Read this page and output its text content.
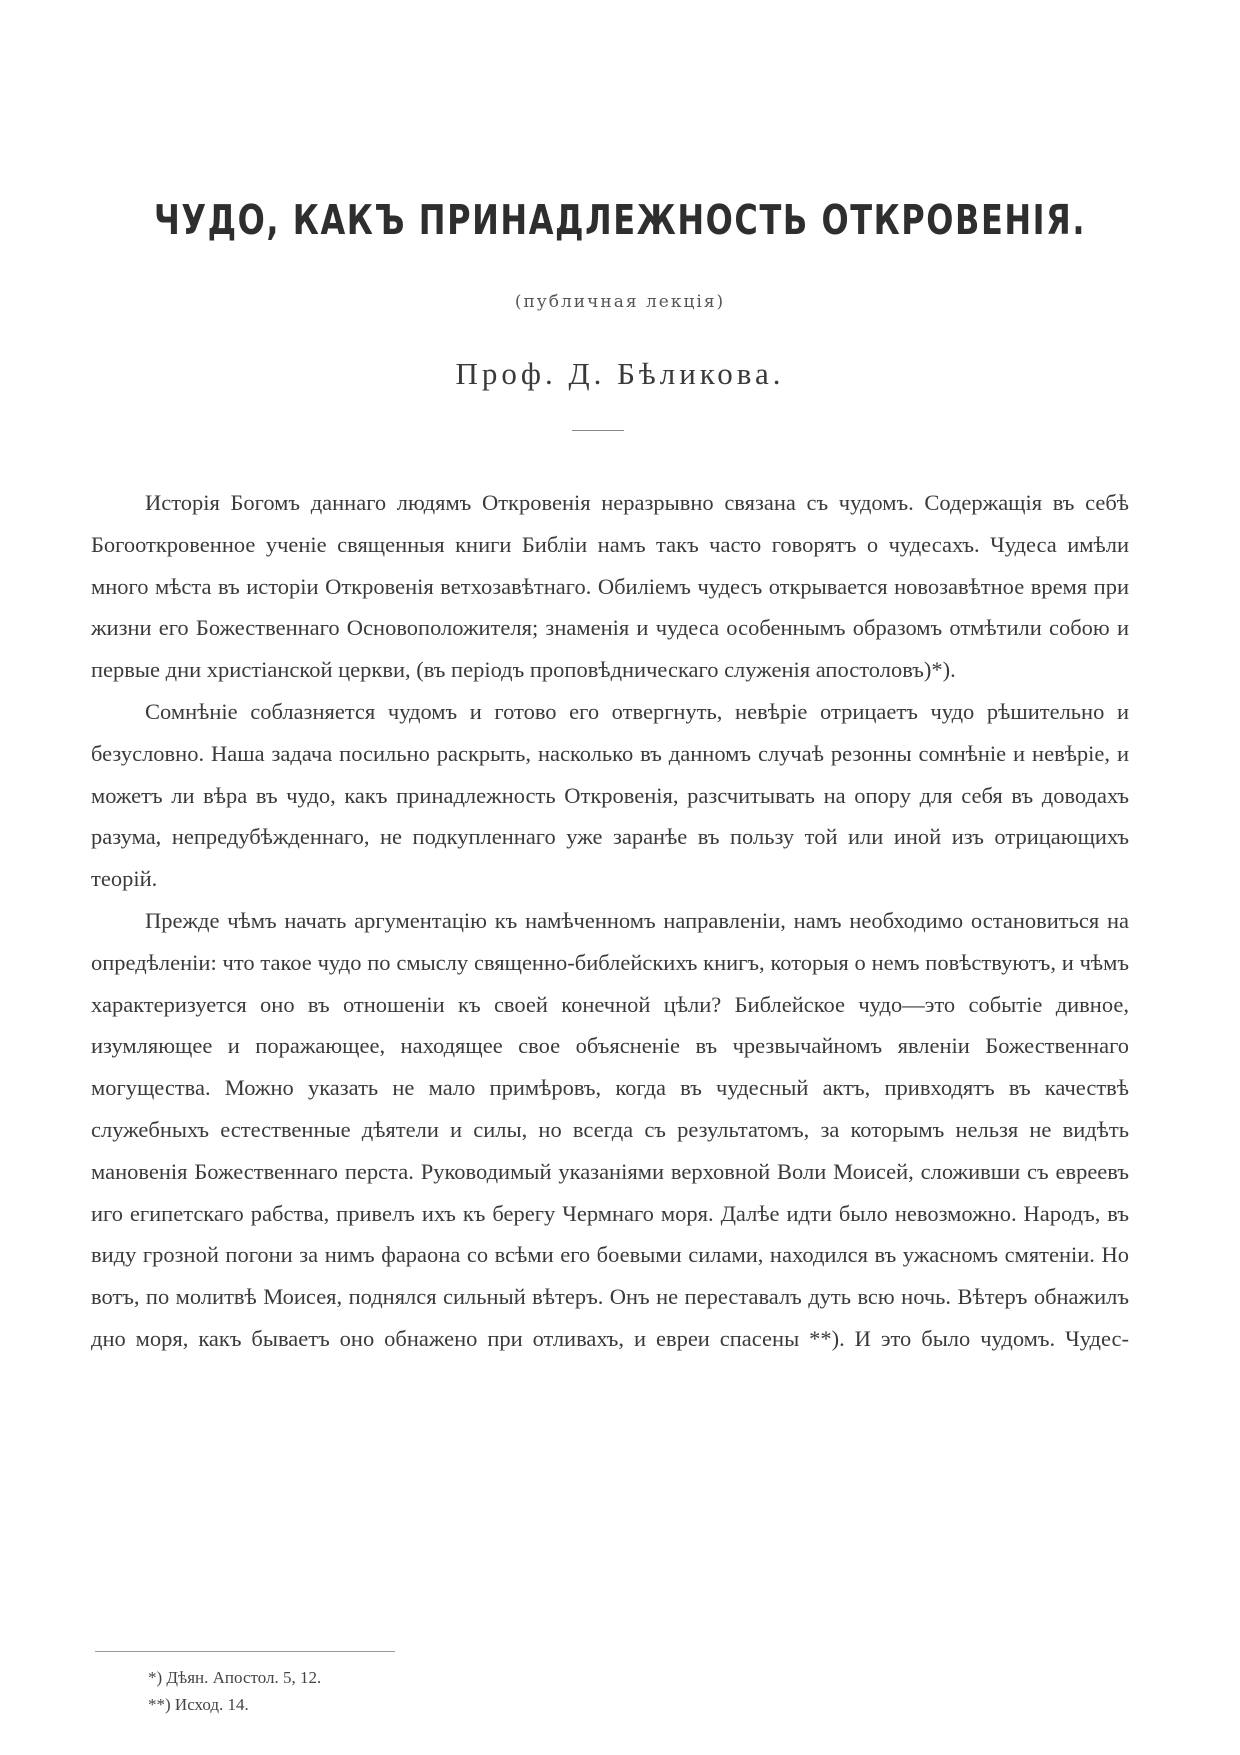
ЧУДО, КАКЪ ПРИНАДЛЕЖНОСТЬ ОТКРОВЕНІЯ.
(публичная лекція)
Проф. Д. Бѣликова.

Исторія Богомъ даннаго людямъ Откровенія неразрывно связана съ чудомъ. Содержащія въ себѣ Богооткровенное ученіе священныя книги Библіи намъ такъ часто говорятъ о чудесахъ. Чудеса имѣли много мѣста въ исторіи Откровенія ветхозавѣтнаго. Обиліемъ чудесъ открывается новозавѣтное время при жизни его Божественнаго Основоположителя; знаменія и чудеса особеннымъ образомъ отмѣтили собою и первые дни христіанской церкви, (въ періодъ проповѣдническаго служенія апостоловъ)*).

Сомнѣніе соблазняется чудомъ и готово его отвергнуть, невѣріе отрицаетъ чудо рѣшительно и безусловно. Наша задача посильно раскрыть, насколько въ данномъ случаѣ резонны сомнѣніе и невѣріе, и можетъ ли вѣра въ чудо, какъ принадлежность Откровенія, разсчитывать на опору для себя въ доводахъ разума, непредубѣжденнаго, не подкупленнаго уже заранѣе въ пользу той или иной изъ отрицающихъ теорій.

Прежде чѣмъ начать аргументацію къ намѣченномъ направленіи, намъ необходимо остановиться на опредѣленіи: что такое чудо по смыслу священно-библейскихъ книгъ, которыя о немъ повѣствуютъ, и чѣмъ характеризуется оно въ отношеніи къ своей конечной цѣли? Библейское чудо—это событіе дивное, изумляющее и поражающее, находящее свое объясненіе въ чрезвычайномъ явленіи Божественнаго могущества. Можно указать не мало примѣровъ, когда въ чудесный актъ, привходятъ въ качествѣ служебныхъ естественные дѣятели и силы, но всегда съ результатомъ, за которымъ нельзя не видѣть мановенія Божественнаго перста. Руководимый указаніями верховной Воли Моисей, сложивши съ евреевъ иго египетскаго рабства, привелъ ихъ къ берегу Чермнаго моря. Далѣе идти было невозможно. Народъ, въ виду грозной погони за нимъ фараона со всѣми его боевыми силами, находился въ ужасномъ смятеніи. Но вотъ, по молитвѣ Моисея, поднялся сильный вѣтеръ. Онъ не переставалъ дуть всю ночь. Вѣтеръ обнажилъ дно моря, какъ бываетъ оно обнажено при отливахъ, и евреи спасены **). И это было чудомъ. Чудес-

*) Дѣян. Апостол. 5, 12.
**) Исход. 14.
